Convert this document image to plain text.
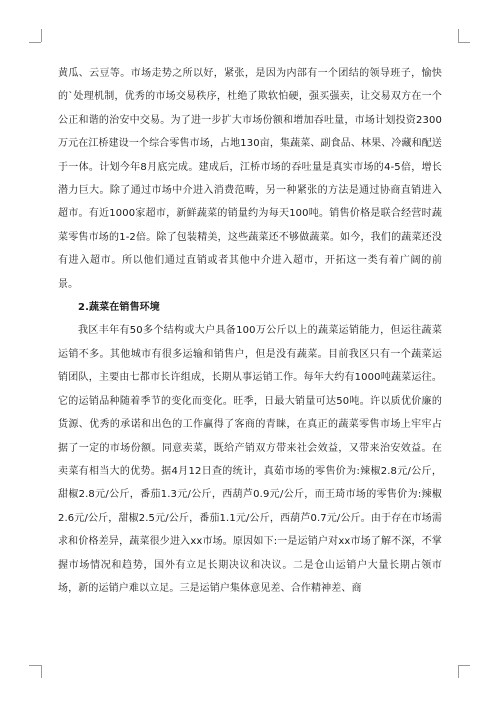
黄瓜、云豆等。市场走势之所以好，紧张，是因为内部有一个团结的领导班子，愉快的`处理机制，优秀的市场交易秩序，杜绝了欺软怕硬，强买强卖，让交易双方在一个公正和谐的治安中交易。为了进一步扩大市场份额和增加吞吐量，市场计划投资2300万元在江桥建设一个综合零售市场，占地130亩，集蔬菜、副食品、林果、冷藏和配送于一体。计划今年8月底完成。建成后，江桥市场的吞吐量是真实市场的4-5倍，增长潜力巨大。除了通过市场中介进入消费范畴，另一种紧张的方法是通过协商直销进入超市。有近1000家超市，新鲜蔬菜的销量约为每天100吨。销售价格是联合经营时蔬菜零售市场的1-2倍。除了包装精美，这些蔬菜还不够做蔬菜。如今，我们的蔬菜还没有进入超市。所以他们通过直销或者其他中介进入超市，开拓这一类有着广阔的前景。

2.蔬菜在销售环境

我区丰年有50多个结构或大户具备100万公斤以上的蔬菜运销能力，但运往蔬菜运销不多。其他城市有很多运输和销售户，但是没有蔬菜。目前我区只有一个蔬菜运销团队，主要由七都市长许组成，长期从事运销工作。每年大约有1000吨蔬菜运往。它的运销品种随着季节的变化而变化。旺季，日最大销量可达50吨。许以质优价廉的货源、优秀的承诺和出色的工作赢得了客商的青睐，在真正的蔬菜零售市场上牢牢占据了一定的市场份额。同意卖菜，既给产销双方带来社会效益，又带来治安效益。在卖菜有相当大的优势。据4月12日查的统计，真茹市场的零售价为:辣椒2.8元/公斤，甜椒2.8元/公斤，番茄1.3元/公斤，西葫芦0.9元/公斤，而王琦市场的零售价为:辣椒2.6元/公斤，甜椒2.5元/公斤，番茄1.1元/公斤，西葫芦0.7元/公斤。由于存在市场需求和价格差异，蔬菜很少进入xx市场。原因如下:一是运销户对xx市场了解不深，不掌握市场情况和趋势，国外有立足长期决议和决议。二是仓山运销户大量长期占领市场，新的运销户难以立足。三是运销户集体意见差、合作精神差、商
